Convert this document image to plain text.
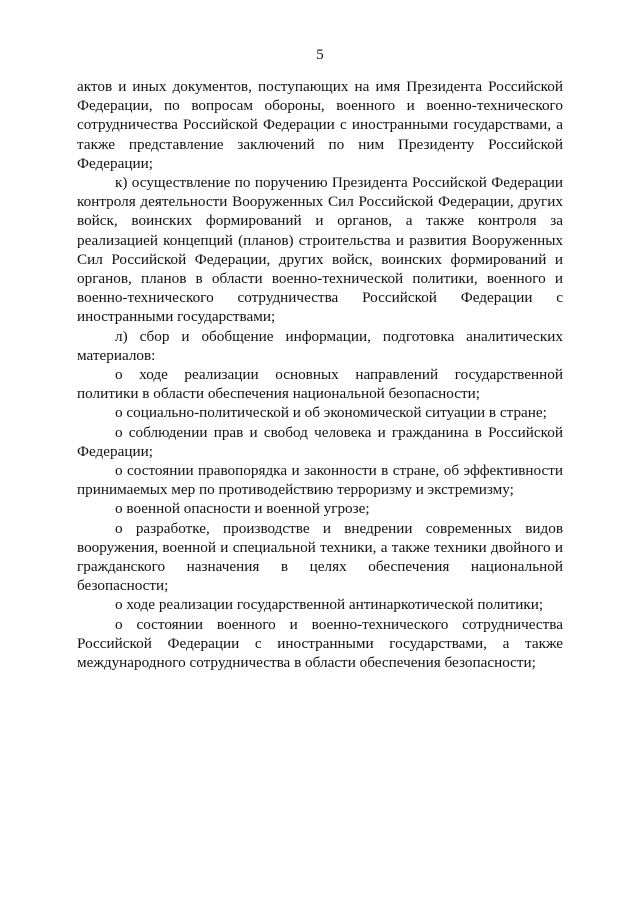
5

актов и иных документов, поступающих на имя Президента Российской Федерации, по вопросам обороны, военного и военно-технического сотрудничества Российской Федерации с иностранными государствами, а также представление заключений по ним Президенту Российской Федерации;

к) осуществление по поручению Президента Российской Федерации контроля деятельности Вооруженных Сил Российской Федерации, других войск, воинских формирований и органов, а также контроля за реализацией концепций (планов) строительства и развития Вооруженных Сил Российской Федерации, других войск, воинских формирований и органов, планов в области военно-технической политики, военного и военно-технического сотрудничества Российской Федерации с иностранными государствами;

л) сбор и обобщение информации, подготовка аналитических материалов:

о ходе реализации основных направлений государственной политики в области обеспечения национальной безопасности;

о социально-политической и об экономической ситуации в стране;

о соблюдении прав и свобод человека и гражданина в Российской Федерации;

о состоянии правопорядка и законности в стране, об эффективности принимаемых мер по противодействию терроризму и экстремизму;

о военной опасности и военной угрозе;

о разработке, производстве и внедрении современных видов вооружения, военной и специальной техники, а также техники двойного и гражданского назначения в целях обеспечения национальной безопасности;

о ходе реализации государственной антинаркотической политики;

о состоянии военного и военно-технического сотрудничества Российской Федерации с иностранными государствами, а также международного сотрудничества в области обеспечения безопасности;
